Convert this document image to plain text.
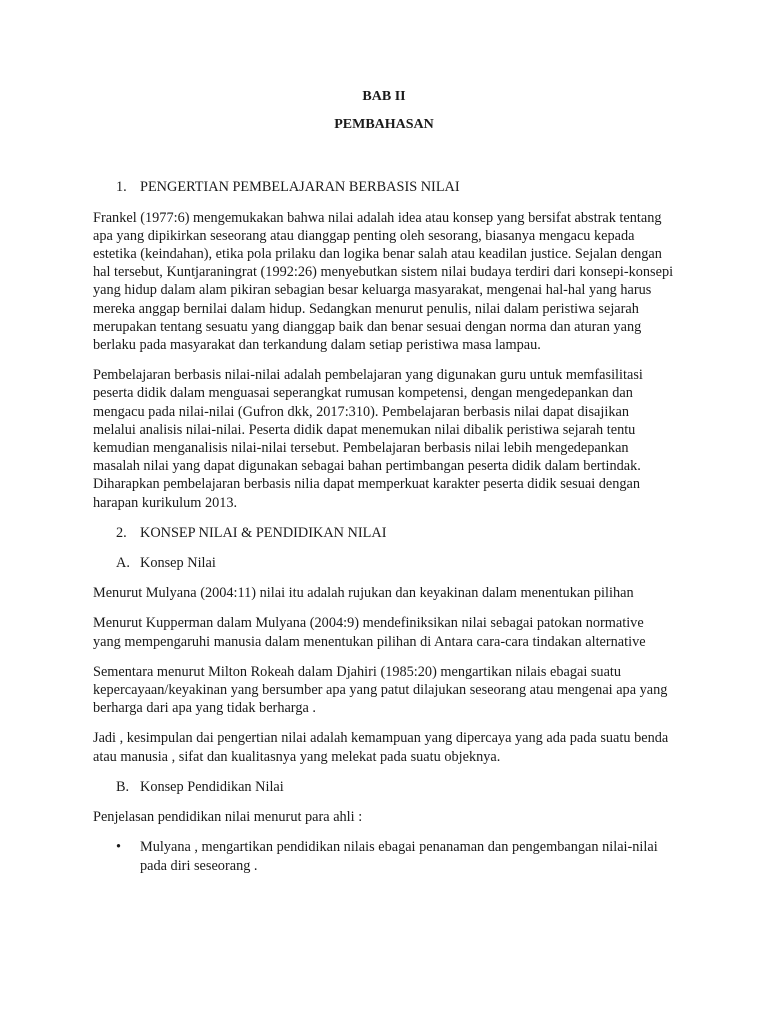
BAB II

PEMBAHASAN

1. PENGERTIAN PEMBELAJARAN BERBASIS NILAI

Frankel (1977:6) mengemukakan bahwa nilai adalah idea atau konsep yang bersifat abstrak tentang apa yang dipikirkan seseorang atau dianggap penting oleh sesorang, biasanya mengacu kepada estetika (keindahan), etika pola prilaku dan logika benar salah atau keadilan justice. Sejalan dengan hal tersebut, Kuntjaraningrat (1992:26) menyebutkan sistem nilai budaya terdiri dari konsepi-konsepi yang hidup dalam alam pikiran sebagian besar keluarga masyarakat, mengenai hal-hal yang harus mereka anggap bernilai dalam hidup. Sedangkan menurut penulis, nilai dalam peristiwa sejarah merupakan tentang sesuatu yang dianggap baik dan benar sesuai dengan norma dan aturan yang berlaku pada masyarakat dan terkandung dalam setiap peristiwa masa lampau.

Pembelajaran berbasis nilai-nilai adalah pembelajaran yang digunakan guru untuk memfasilitasi peserta didik dalam menguasai seperangkat rumusan kompetensi, dengan mengedepankan dan mengacu pada nilai-nilai (Gufron dkk, 2017:310). Pembelajaran berbasis nilai dapat disajikan melalui analisis nilai-nilai. Peserta didik dapat menemukan nilai dibalik peristiwa sejarah tentu kemudian menganalisis nilai-nilai tersebut. Pembelajaran berbasis nilai lebih mengedepankan masalah nilai yang dapat digunakan sebagai bahan pertimbangan peserta didik dalam bertindak. Diharapkan pembelajaran berbasis nilia dapat memperkuat karakter peserta didik sesuai dengan harapan kurikulum 2013.

2. KONSEP NILAI & PENDIDIKAN NILAI
A. Konsep Nilai

Menurut Mulyana (2004:11) nilai itu adalah rujukan dan keyakinan dalam menentukan pilihan

Menurut Kupperman dalam Mulyana (2004:9) mendefiniksikan nilai sebagai patokan normative yang mempengaruhi manusia dalam menentukan pilihan di Antara cara-cara tindakan alternative

Sementara menurut Milton Rokeah dalam Djahiri (1985:20) mengartikan nilais ebagai suatu kepercayaan/keyakinan yang bersumber apa yang patut dilajukan seseorang atau mengenai apa yang berharga dari apa yang tidak berharga .

Jadi , kesimpulan dai pengertian nilai adalah kemampuan yang dipercaya yang ada pada suatu benda atau manusia , sifat dan kualitasnya yang melekat pada suatu objeknya.

B. Konsep Pendidikan Nilai

Penjelasan pendidikan nilai menurut para ahli :

•	Mulyana , mengartikan pendidikan nilais ebagai penanaman dan pengembangan nilai-nilai pada diri seseorang .
